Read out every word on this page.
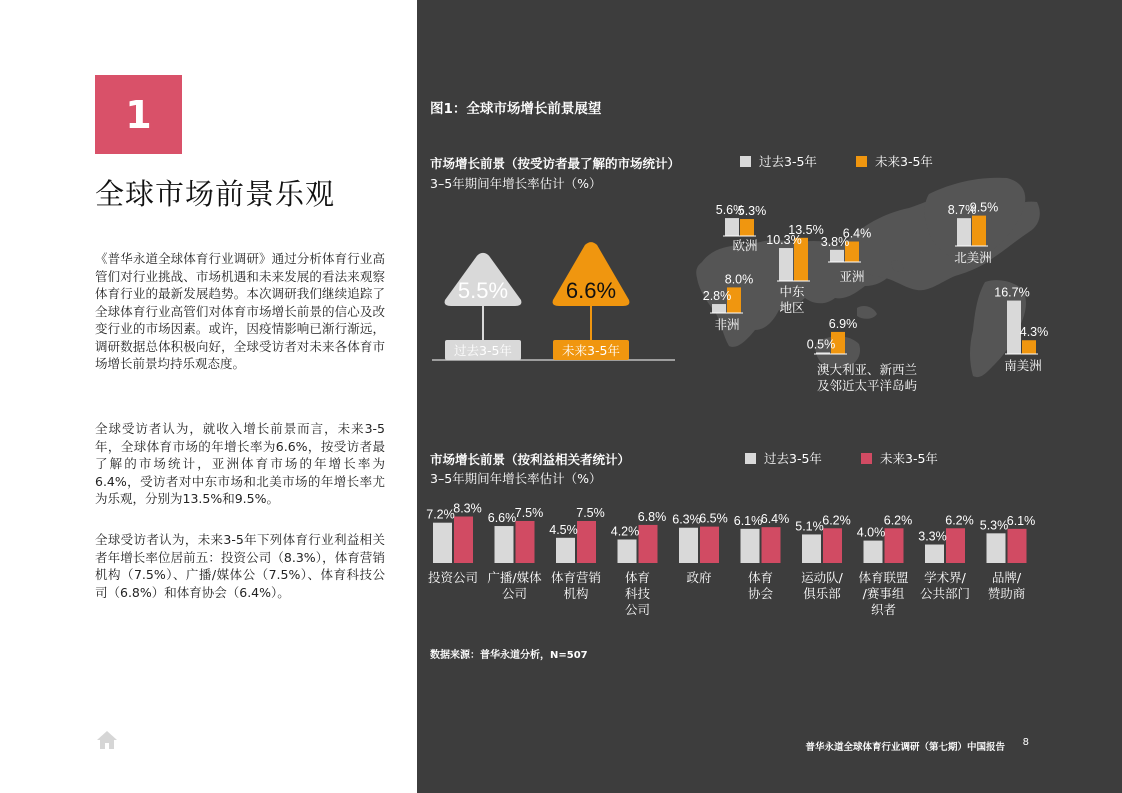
1
全球市场前景乐观
《普华永道全球体育行业调研》通过分析体育行业高管们对行业挑战、市场机遇和未来发展的看法来观察体育行业的最新发展趋势。本次调研我们继续追踪了全球体育行业高管们对体育市场增长前景的信心及改变行业的市场因素。或许，因疫情影响已渐行渐远，调研数据总体积极向好，全球受访者对未来各体育市场增长前景均持乐观态度。
全球受访者认为，就收入增长前景而言，未来3-5年，全球体育市场的年增长率为6.6%，按受访者最了解的市场统计，亚洲体育市场的年增长率为6.4%，受访者对中东市场和北美市场的年增长率尤为乐观，分别为13.5%和9.5%。
全球受访者认为，未来3-5年下列体育行业利益相关者年增长率位居前五：投资公司（8.3%），体育营销机构（7.5%）、广播/媒体公（7.5%）、体育科技公司（6.8%）和体育协会（6.4%）。
过去3-5年
5.5%
未来3-5年
6.6%
5.6%
5.3%
欧洲 10.3%
13.5%
中东
地区
3.8%
6.4%
亚洲
8.7%
9.5%
北美洲
2.8%
8.0%
非洲
0.5%
6.9%
澳大利亚、新西兰
及邻近太平洋岛屿
16.7%
4.3%
南美洲
7.2%
8.3%
投资公司
6.6%
7.5%
广播/媒体
公司
4.5%
7.5%
体育营销
机构
4.2%
6.8%
体育
科技
公司
6.3%
6.5%
政府
6.1%
6.4%
体育
协会
5.1%
6.2%
运动队/
俱乐部
4.0%
6.2%
体育联盟
/赛事组
织者
3.3%
6.2%
学术界/
公共部门
5.3%
6.1%
品牌/
赞助商
图1：全球市场增长前景展望
市场增长前景（按受访者最了解的市场统计）
3–5年期间年增长率估计（%）
过去3-5年	未来3-5年
市场增长前景（按利益相关者统计）
3–5年期间年增长率估计（%）
过去3-5年	未来3-5年
数据来源：普华永道分析，N=507
普华永道全球体育行业调研（第七期）中国报告 8
